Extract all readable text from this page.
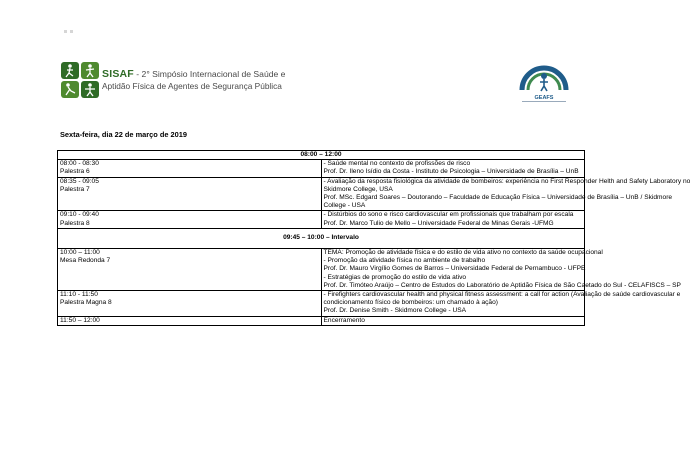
SISAF - 2° Simpósio Internacional de Saúde e
Aptidão Física de Agentes de Segurança Pública
GEAFS
Sexta-feira, dia 22 de março de 2019
08:00 – 12:00	

08:00 - 08:30
Palestra 6	- Saúde mental no contexto de profissões de risco
Prof. Dr. Ileno Isídio da Costa - Instituto de Psicologia – Universidade de Brasília – UnB

08:35 - 09:05
Palestra 7	- Avaliação da resposta fisiológica da atividade de bombeiros: experiência no First Responder Helth and Safety Laboratory no
Skidmore College, USA
Prof. MSc. Edgard Soares – Doutorando – Faculdade de Educação Física – Universidade de Brasília – UnB / Skidmore
College - USA

09:10 - 09:40
Palestra 8	- Distúrbios do sono e risco cardiovascular em profissionais que trabalham por escala
Prof. Dr. Marco Tulio de Mello – Universidade Federal de Minas Gerais -UFMG

09:45 – 10:00 – Intervalo	

10:00 – 11:00
Mesa Redonda 7	TEMA: Promoção de atividade física e do estilo de vida ativo no contexto da saúde ocupacional
- Promoção da atividade física no ambiente de trabalho
Prof. Dr. Mauro Virgílio Gomes de Barros – Universidade Federal de Pernambuco - UFPE
- Estratégias de promoção do estilo de vida ativo
Prof. Dr. Timóteo Araújo – Centro de Estudos do Laboratório de Aptidão Física de São Caetado do Sul - CELAFISCS – SP

11:10 - 11:50
Palestra Magna 8	- Firefighters cardiovascular health and physical fitness assessment: a call for action (Avaliação de saúde cardiovascular e
condicionamento físico de bombeiros: um chamado à ação)
Prof. Dr. Denise Smith - Skidmore College - USA

11:50 – 12:00	Encerramento
